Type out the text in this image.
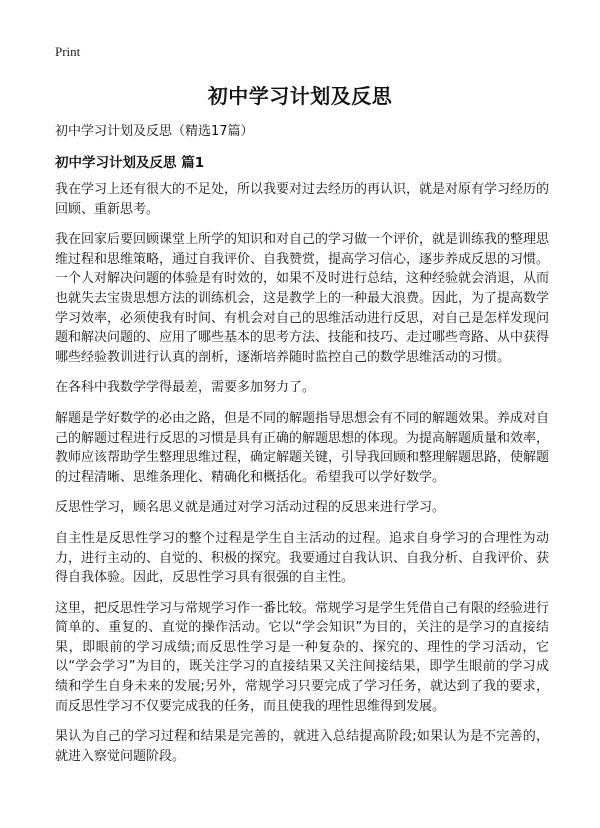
Print
初中学习计划及反思
初中学习计划及反思（精选17篇）
初中学习计划及反思 篇1

我在学习上还有很大的不足处，所以我要对过去经历的再认识，就是对原有学习经历的回顾、重新思考。

我在回家后要回顾课堂上所学的知识和对自己的学习做一个评价，就是训练我的整理思维过程和思维策略，通过自我评价、自我赞赏，提高学习信心，逐步养成反思的习惯。一个人对解决问题的体验是有时效的，如果不及时进行总结，这种经验就会消退，从而也就失去宝贵思想方法的训练机会，这是教学上的一种最大浪费。因此，为了提高数学学习效率，必须使我有时间、有机会对自己的思维活动进行反思，对自己是怎样发现问题和解决问题的、应用了哪些基本的思考方法、技能和技巧、走过哪些弯路、从中获得哪些经验教训进行认真的剖析，逐渐培养随时监控自己的数学思维活动的习惯。

在各科中我数学学得最差，需要多加努力了。

解题是学好数学的必由之路，但是不同的解题指导思想会有不同的解题效果。养成对自己的解题过程进行反思的习惯是具有正确的解题思想的体现。为提高解题质量和效率，教师应该帮助学生整理思维过程，确定解题关键，引导我回顾和整理解题思路，使解题的过程清晰、思维条理化、精确化和概括化。希望我可以学好数学。

反思性学习，顾名思义就是通过对学习活动过程的反思来进行学习。

自主性是反思性学习的整个过程是学生自主活动的过程。追求自身学习的合理性为动力，进行主动的、自觉的、积极的探究。我要通过自我认识、自我分析、自我评价、获得自我体验。因此，反思性学习具有很强的自主性。

这里，把反思性学习与常规学习作一番比较。常规学习是学生凭借自己有限的经验进行简单的、重复的、直觉的操作活动。它以“学会知识”为目的，关注的是学习的直接结果，即眼前的学习成绩;而反思性学习是一种复杂的、探究的、理性的学习活动，它以“学会学习”为目的，既关注学习的直接结果又关注间接结果，即学生眼前的学习成绩和学生自身未来的发展;另外，常规学习只要完成了学习任务，就达到了我的要求，而反思性学习不仅要完成我的任务，而且使我的理性思维得到发展。

果认为自己的学习过程和结果是完善的，就进入总结提高阶段;如果认为是不完善的，就进入察觉问题阶段。
